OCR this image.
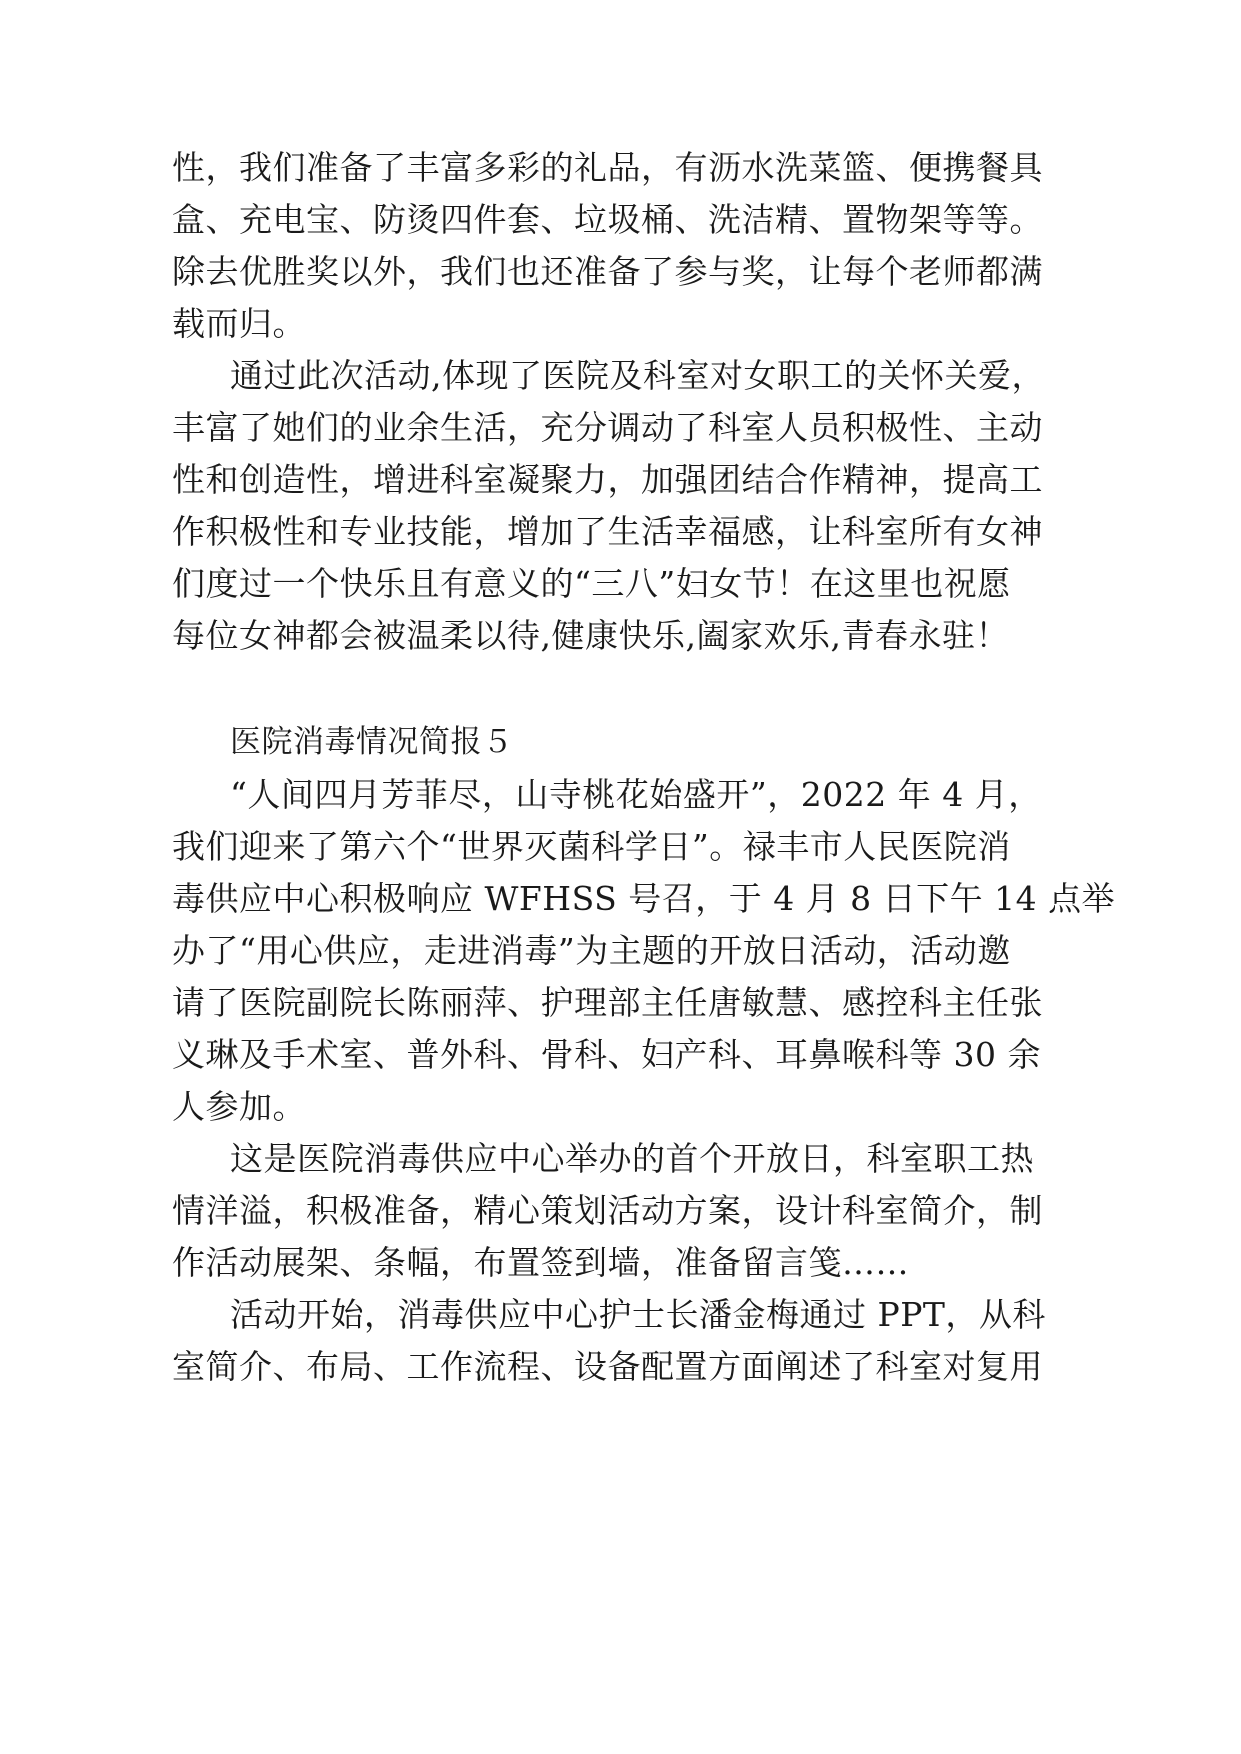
性，我们准备了丰富多彩的礼品，有沥水洗菜篮、便携餐具
盒、充电宝、防烫四件套、垃圾桶、洗洁精、置物架等等。
除去优胜奖以外，我们也还准备了参与奖，让每个老师都满
载而归。
通过此次活动,体现了医院及科室对女职工的关怀关爱，
丰富了她们的业余生活，充分调动了科室人员积极性、主动
性和创造性，增进科室凝聚力，加强团结合作精神，提高工
作积极性和专业技能，增加了生活幸福感，让科室所有女神
们度过一个快乐且有意义的“三八”妇女节！在这里也祝愿
每位女神都会被温柔以待,健康快乐,阖家欢乐,青春永驻！
医院消毒情况简报５
“人间四月芳菲尽，山寺桃花始盛开”，2022 年 4 月，
我们迎来了第六个“世界灭菌科学日”。禄丰市人民医院消
毒供应中心积极响应 WFHSS 号召，于 4 月 8 日下午 14 点举
办了“用心供应，走进消毒”为主题的开放日活动，活动邀
请了医院副院长陈丽萍、护理部主任唐敏慧、感控科主任张
义琳及手术室、普外科、骨科、妇产科、耳鼻喉科等 30 余
人参加。
这是医院消毒供应中心举办的首个开放日，科室职工热
情洋溢，积极准备，精心策划活动方案，设计科室简介，制
作活动展架、条幅，布置签到墙，准备留言笺……
活动开始，消毒供应中心护士长潘金梅通过 PPT，从科
室简介、布局、工作流程、设备配置方面阐述了科室对复用
